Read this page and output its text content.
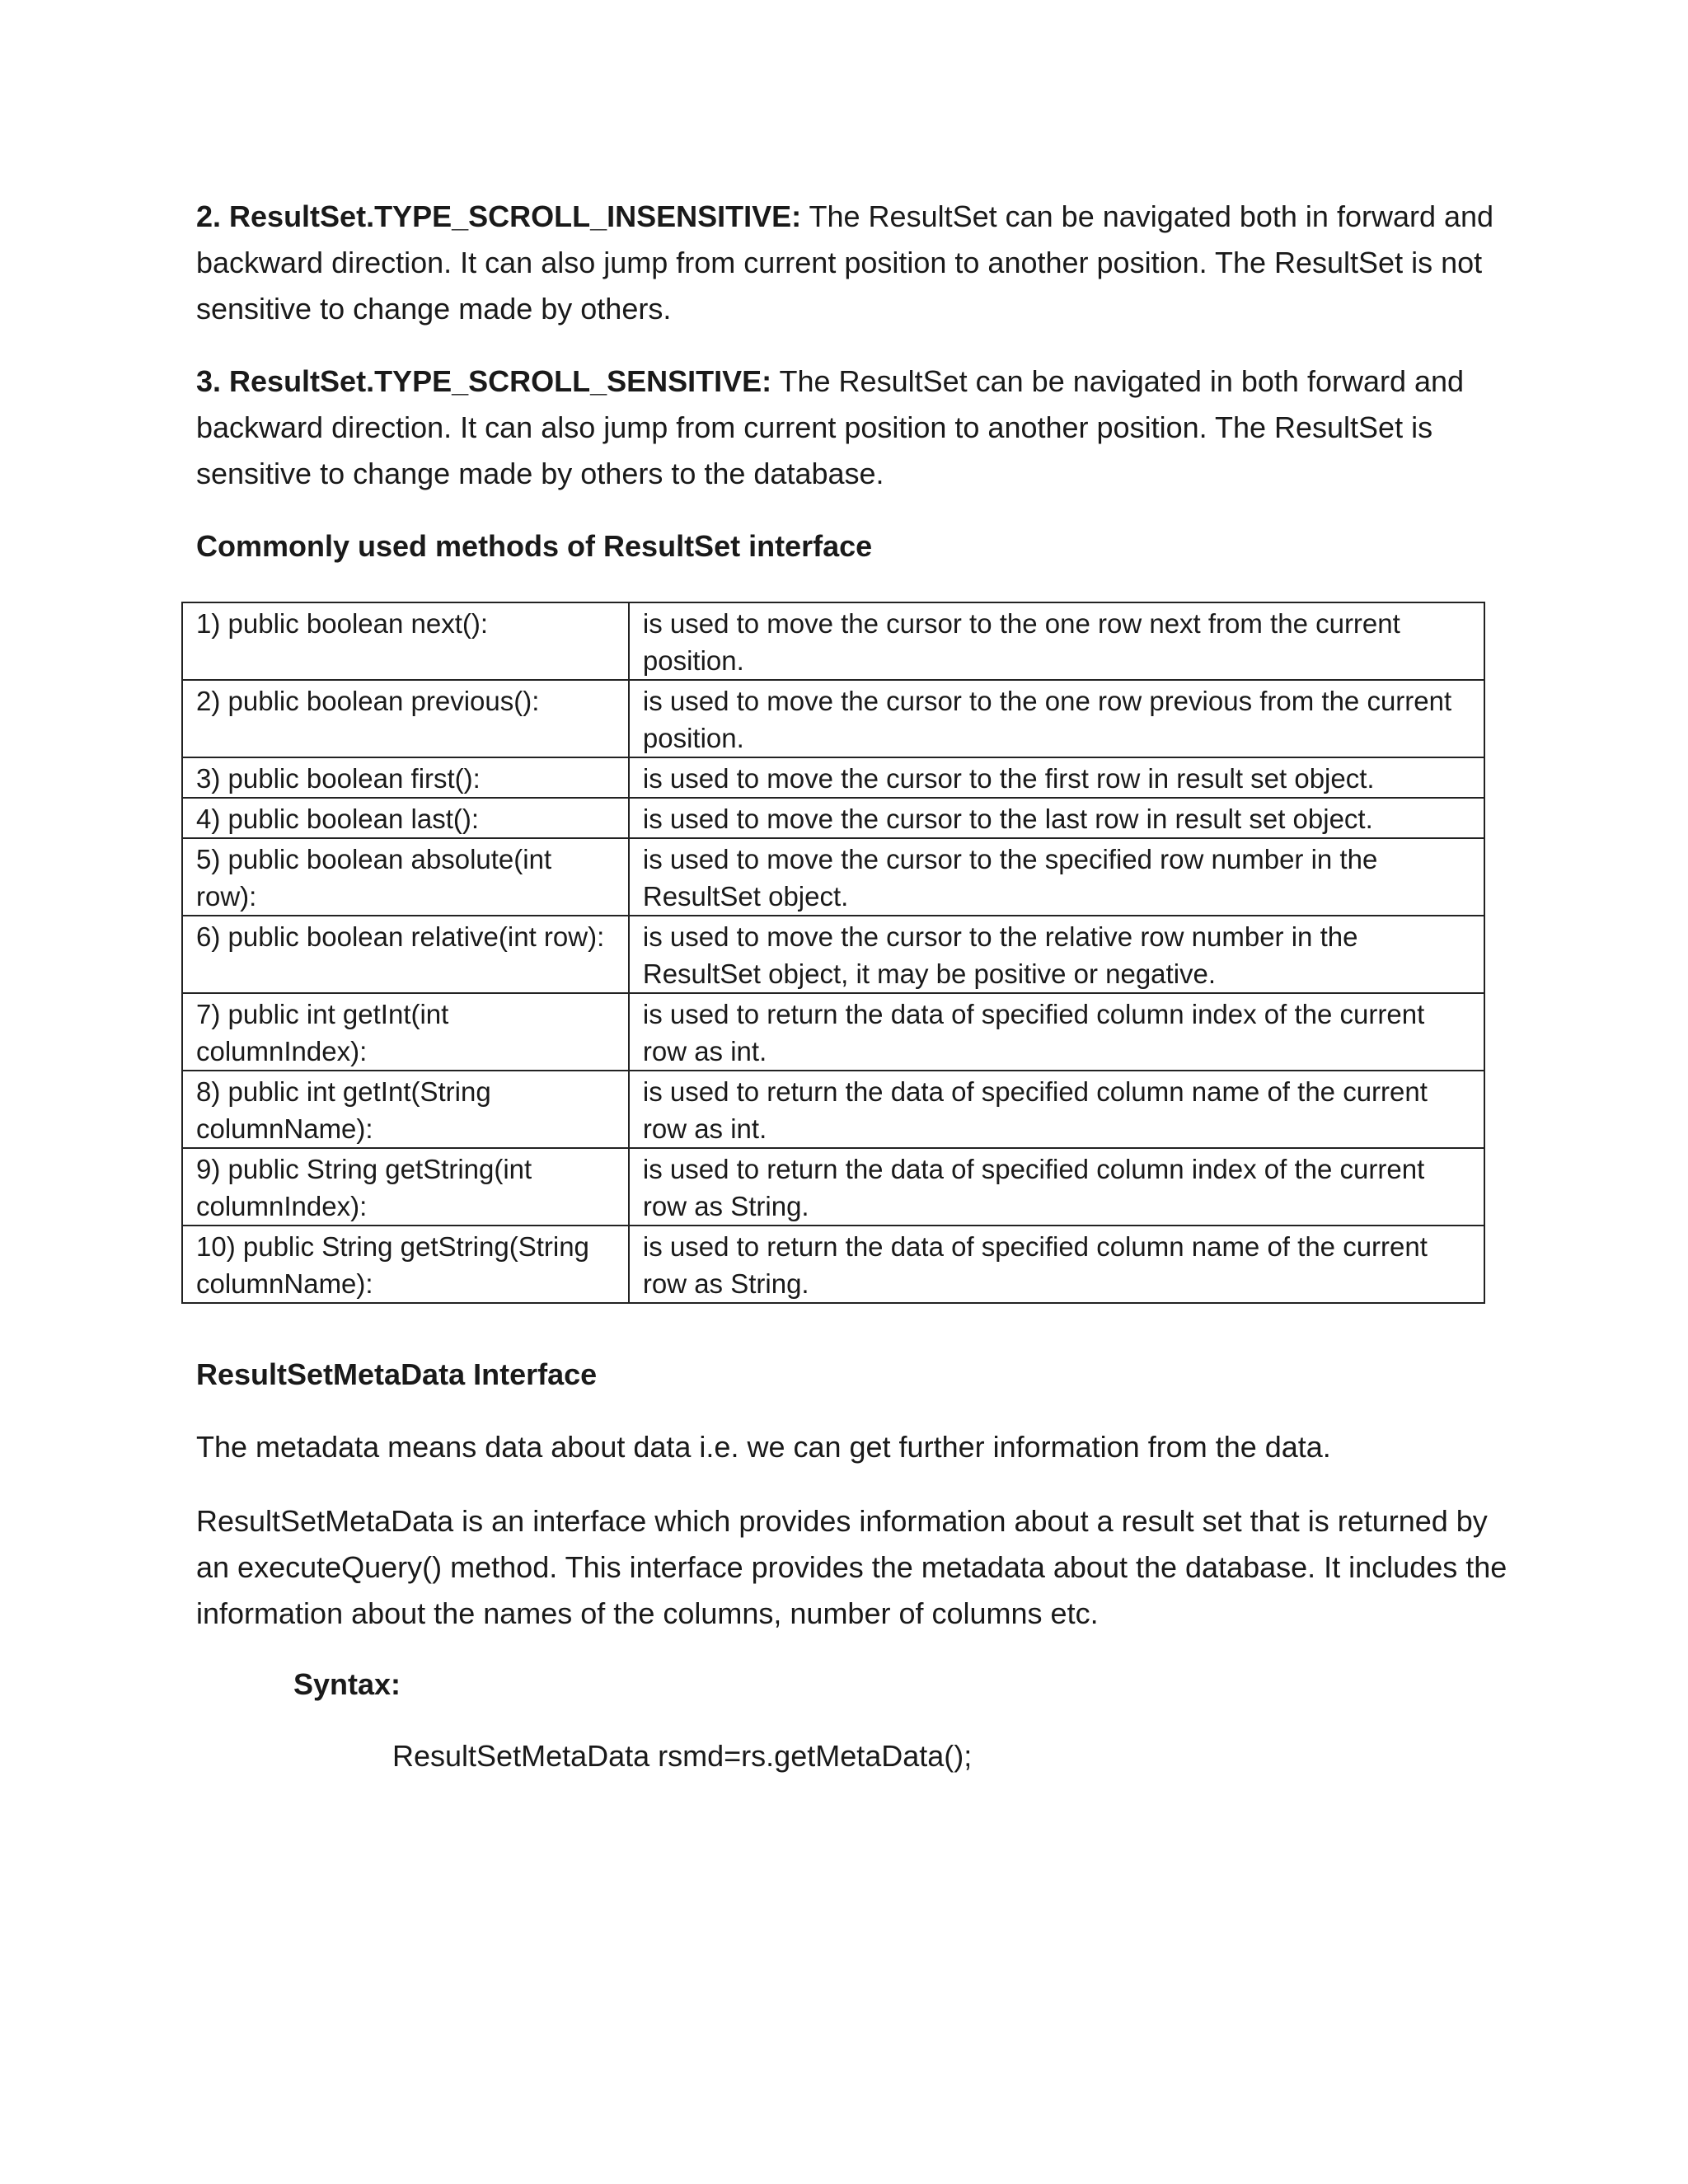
2. ResultSet.TYPE_SCROLL_INSENSITIVE: The ResultSet can be navigated both in forward and backward direction. It can also jump from current position to another position. The ResultSet is not sensitive to change made by others.

3. ResultSet.TYPE_SCROLL_SENSITIVE: The ResultSet can be navigated in both forward and backward direction. It can also jump from current position to another position. The ResultSet is sensitive to change made by others to the database.

Commonly used methods of ResultSet interface

1) public boolean next():	is used to move the cursor to the one row next from the current position.
2) public boolean previous():	is used to move the cursor to the one row previous from the current position.
3) public boolean first():	is used to move the cursor to the first row in result set object.
4) public boolean last():	is used to move the cursor to the last row in result set object.
5) public boolean absolute(int row):	is used to move the cursor to the specified row number in the ResultSet object.
6) public boolean relative(int row):	is used to move the cursor to the relative row number in the ResultSet object, it may be positive or negative.
7) public int getInt(int columnIndex):	is used to return the data of specified column index of the current row as int.
8) public int getInt(String columnName):	is used to return the data of specified column name of the current row as int.
9) public String getString(int columnIndex):	is used to return the data of specified column index of the current row as String.
10) public String getString(String columnName):	is used to return the data of specified column name of the current row as String.

ResultSetMetaData Interface

The metadata means data about data i.e. we can get further information from the data.

ResultSetMetaData is an interface which provides information about a result set that is returned by an executeQuery() method. This interface provides the metadata about the database. It includes the information about the names of the columns, number of columns etc.

Syntax:

ResultSetMetaData rsmd=rs.getMetaData();
